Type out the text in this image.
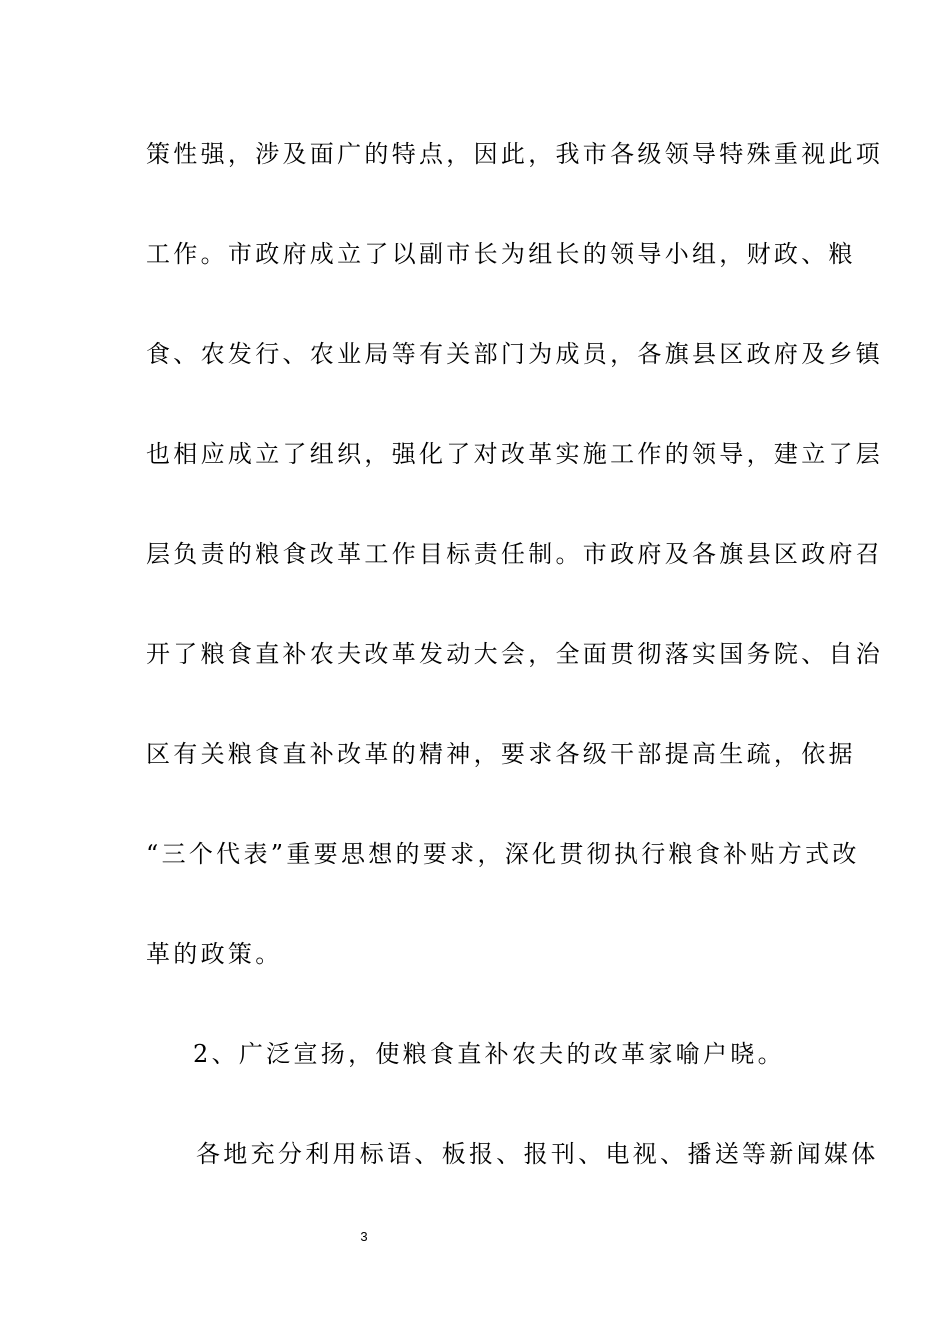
策性强，涉及面广的特点，因此，我市各级领导特殊重视此项
工作。市政府成立了以副市长为组长的领导小组，财政、粮
食、农发行、农业局等有关部门为成员，各旗县区政府及乡镇
也相应成立了组织，强化了对改革实施工作的领导，建立了层
层负责的粮食改革工作目标责任制。市政府及各旗县区政府召
开了粮食直补农夫改革发动大会，全面贯彻落实国务院、自治
区有关粮食直补改革的精神，要求各级干部提高生疏，依据
“三个代表”重要思想的要求，深化贯彻执行粮食补贴方式改
革的政策。
2、广泛宣扬，使粮食直补农夫的改革家喻户晓。
各地充分利用标语、板报、报刊、电视、播送等新闻媒体
3
